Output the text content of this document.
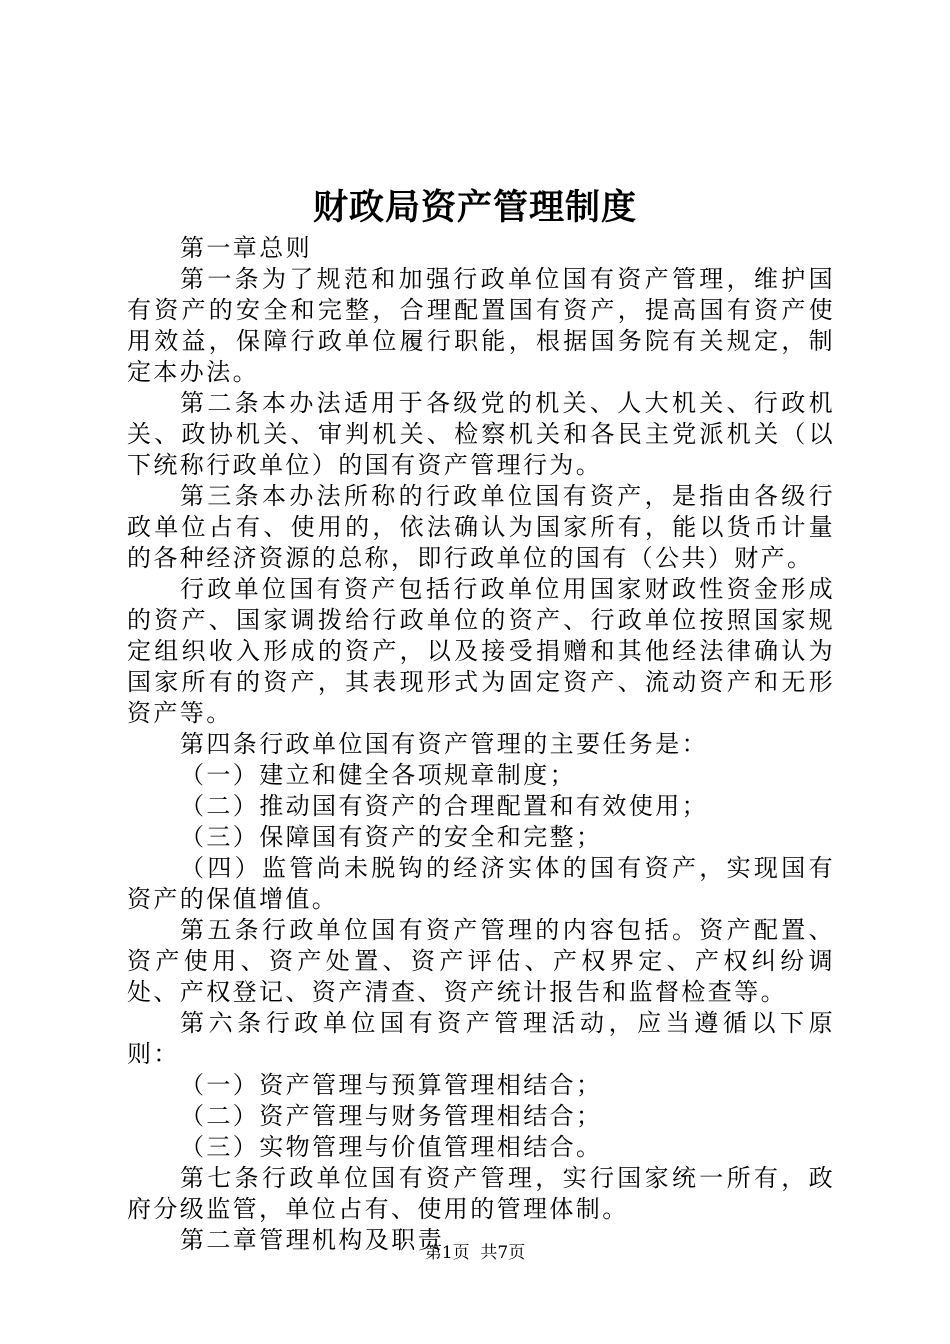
财政局资产管理制度

第一章总则

第一条为了规范和加强行政单位国有资产管理，维护国有资产的安全和完整，合理配置国有资产，提高国有资产使用效益，保障行政单位履行职能，根据国务院有关规定，制定本办法。

第二条本办法适用于各级党的机关、人大机关、行政机关、政协机关、审判机关、检察机关和各民主党派机关（以下统称行政单位）的国有资产管理行为。

第三条本办法所称的行政单位国有资产，是指由各级行政单位占有、使用的，依法确认为国家所有，能以货币计量的各种经济资源的总称，即行政单位的国有（公共）财产。

行政单位国有资产包括行政单位用国家财政性资金形成的资产、国家调拨给行政单位的资产、行政单位按照国家规定组织收入形成的资产，以及接受捐赠和其他经法律确认为国家所有的资产，其表现形式为固定资产、流动资产和无形资产等。

第四条行政单位国有资产管理的主要任务是：

（一）建立和健全各项规章制度；

（二）推动国有资产的合理配置和有效使用；

（三）保障国有资产的安全和完整；

（四）监管尚未脱钩的经济实体的国有资产，实现国有资产的保值增值。

第五条行政单位国有资产管理的内容包括。资产配置、资产使用、资产处置、资产评估、产权界定、产权纠纷调处、产权登记、资产清查、资产统计报告和监督检查等。

第六条行政单位国有资产管理活动，应当遵循以下原则：

（一）资产管理与预算管理相结合；

（二）资产管理与财务管理相结合；

（三）实物管理与价值管理相结合。

第七条行政单位国有资产管理，实行国家统一所有，政府分级监管，单位占有、使用的管理体制。

第二章管理机构及职责

第1页 共7页
